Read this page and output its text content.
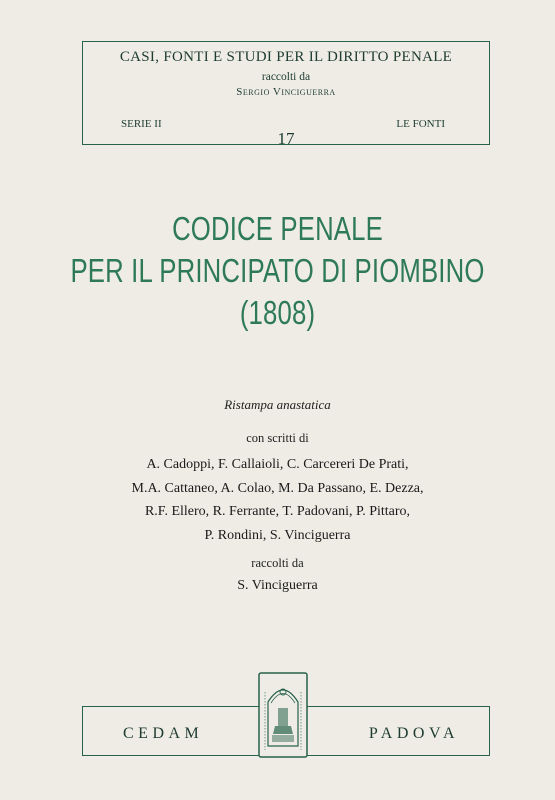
CASI, FONTI E STUDI PER IL DIRITTO PENALE
raccolti da
Sergio Vinciguerra
SERIE II	LE FONTI
17
CODICE PENALE
PER IL PRINCIPATO DI PIOMBINO
(1808)
Ristampa anastatica
con scritti di
A. Cadoppi, F. Callaioli, C. Carcereri De Prati,
M.A. Cattaneo, A. Colao, M. Da Passano, E. Dezza,
R.F. Ellero, R. Ferrante, T. Padovani, P. Pittaro,
P. Rondini, S. Vinciguerra
raccolti da
S. Vinciguerra
CEDAM	PADOVA
